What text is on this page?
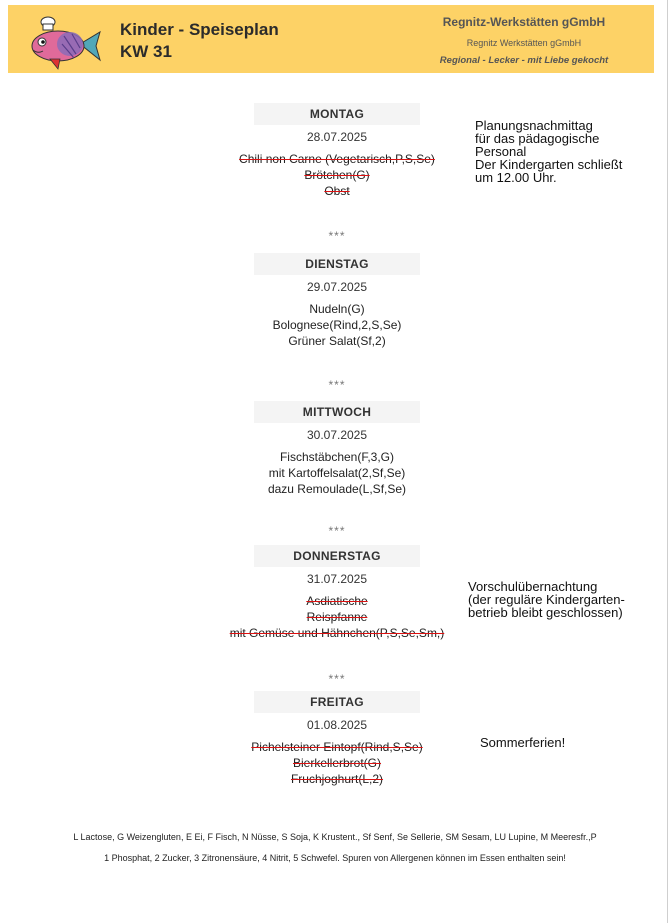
Kinder - Speiseplan
KW 31
Regnitz-Werkstätten gGmbH
Regnitz Werkstätten gGmbH
Regional - Lecker - mit Liebe gekocht
MONTAG
28.07.2025
Chili non Carne (Vegetarisch,P,S,Se)
Brötchen(G)
Obst
***
DIENSTAG
29.07.2025
Nudeln(G)
Bolognese(Rind,2,S,Se)
Grüner Salat(Sf,2)
***
MITTWOCH
30.07.2025
Fischstäbchen(F,3,G)
mit Kartoffelsalat(2,Sf,Se)
dazu Remoulade(L,Sf,Se)
***
DONNERSTAG
31.07.2025
Asdiatische
Reispfanne
mit Gemüse und Hähnchen(P,S,Se,Sm,)
***
FREITAG
01.08.2025
Pichelsteiner Eintopf(Rind,S,Se)
Bierkellerbrot(G)
Fruchjoghurt(L,2)
Planungsnachmittag
für das pädagogische
Personal
Der Kindergarten schließt
um 12.00 Uhr.
Vorschulübernachtung
(der reguläre Kindergarten-
betrieb bleibt geschlossen)
Sommerferien!
L Lactose, G Weizengluten, E Ei, F Fisch, N Nüsse, S Soja, K Krustent., Sf Senf, Se Sellerie, SM Sesam, LU Lupine, M Meeresfr.,P
1 Phosphat, 2 Zucker, 3 Zitronensäure, 4 Nitrit, 5 Schwefel. Spuren von Allergenen können im Essen enthalten sein!
